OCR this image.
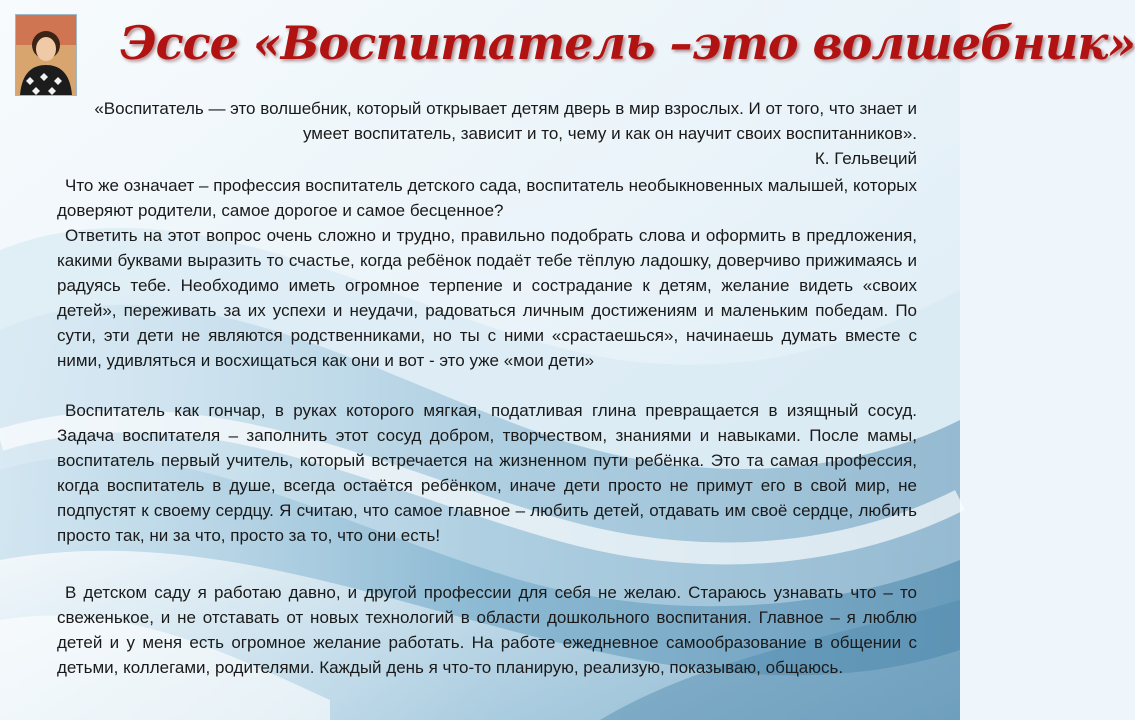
Эссе «Воспитатель –это волшебник»

«Воспитатель — это волшебник, который открывает детям дверь в мир взрослых. И от того, что знает и умеет воспитатель, зависит и то, чему и как он научит своих воспитанников».

К. Гельвеций

Что же означает – профессия воспитатель детского сада, воспитатель необыкновенных малышей, которых доверяют родители, самое дорогое и самое бесценное?

Ответить на этот вопрос очень сложно и трудно, правильно подобрать слова и оформить в предложения, какими буквами выразить то счастье, когда ребёнок подаёт тебе тёплую ладошку, доверчиво прижимаясь и радуясь тебе. Необходимо иметь огромное терпение и сострадание к детям, желание видеть «своих детей», переживать за их успехи и неудачи, радоваться личным достижениям и маленьким победам. По сути, эти дети не являются родственниками, но ты с ними «срастаешься», начинаешь думать вместе с ними, удивляться и восхищаться как они и вот - это уже «мои дети»

Воспитатель как гончар, в руках которого мягкая, податливая глина превращается в изящный сосуд. Задача воспитателя – заполнить этот сосуд добром, творчеством, знаниями и навыками. После мамы, воспитатель первый учитель, который встречается на жизненном пути ребёнка. Это та самая профессия, когда воспитатель в душе, всегда остаётся ребёнком, иначе дети просто не примут его в свой мир, не подпустят к своему сердцу. Я считаю, что самое главное – любить детей, отдавать им своё сердце, любить просто так, ни за что, просто за то, что они есть!

В детском саду я работаю давно, и другой профессии для себя не желаю. Стараюсь узнавать что – то свеженькое, и не отставать от новых технологий в области дошкольного воспитания. Главное – я люблю детей и у меня есть огромное желание работать. На работе ежедневное самообразование в общении с детьми, коллегами, родителями. Каждый день я что-то планирую, реализую, показываю, общаюсь.
